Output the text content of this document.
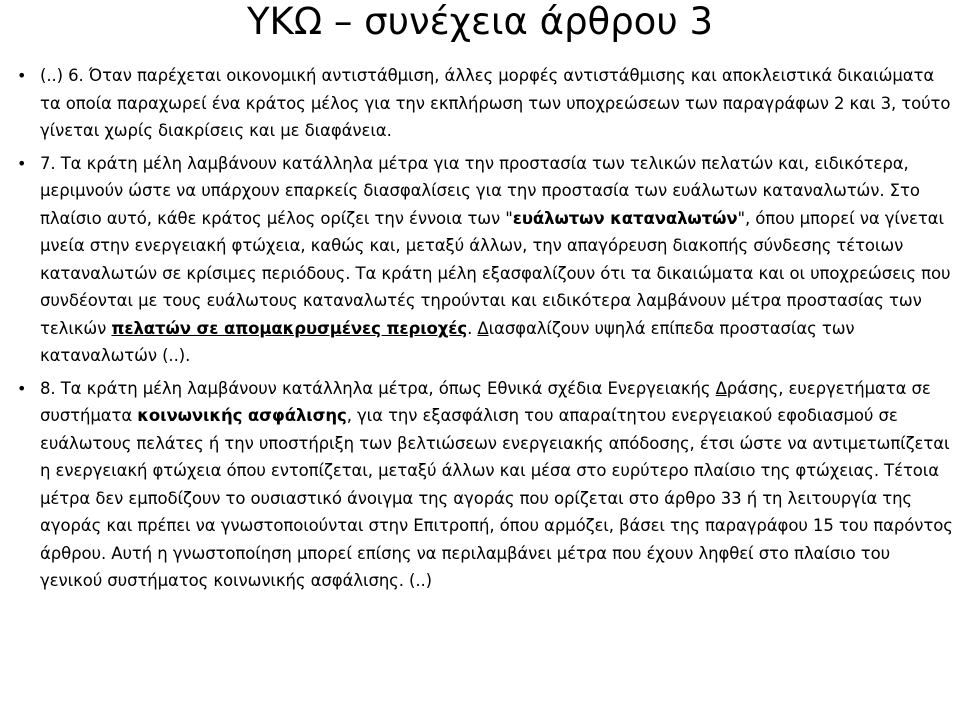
ΥΚΩ – συνέχεια άρθρου 3
• (..) 6. Όταν παρέχεται οικονομική αντιστάθμιση, άλλες μορφές αντιστάθμισης και αποκλειστικά δικαιώματα τα οποία παραχωρεί ένα κράτος μέλος για την εκπλήρωση των υποχρεώσεων των παραγράφων 2 και 3, τούτο γίνεται χωρίς διακρίσεις και με διαφάνεια.
• 7. Τα κράτη μέλη λαμβάνουν κατάλληλα μέτρα για την προστασία των τελικών πελατών και, ειδικότερα, μεριμνούν ώστε να υπάρχουν επαρκείς διασφαλίσεις για την προστασία των ευάλωτων καταναλωτών. Στο πλαίσιο αυτό, κάθε κράτος μέλος ορίζει την έννοια των "ευάλωτων καταναλωτών", όπου μπορεί να γίνεται μνεία στην ενεργειακή φτώχεια, καθώς και, μεταξύ άλλων, την απαγόρευση διακοπής σύνδεσης τέτοιων καταναλωτών σε κρίσιμες περιόδους. Τα κράτη μέλη εξασφαλίζουν ότι τα δικαιώματα και οι υποχρεώσεις που συνδέονται με τους ευάλωτους καταναλωτές τηρούνται και ειδικότερα λαμβάνουν μέτρα προστασίας των τελικών πελατών σε απομακρυσμένες περιοχές. Διασφαλίζουν υψηλά επίπεδα προστασίας των καταναλωτών (..).
• 8. Τα κράτη μέλη λαμβάνουν κατάλληλα μέτρα, όπως Εθνικά σχέδια Ενεργειακής Δράσης, ευεργετήματα σε συστήματα κοινωνικής ασφάλισης, για την εξασφάλιση του απαραίτητου ενεργειακού εφοδιασμού σε ευάλωτους πελάτες ή την υποστήριξη των βελτιώσεων ενεργειακής απόδοσης, έτσι ώστε να αντιμετωπίζεται η ενεργειακή φτώχεια όπου εντοπίζεται, μεταξύ άλλων και μέσα στο ευρύτερο πλαίσιο της φτώχειας. Τέτοια μέτρα δεν εμποδίζουν το ουσιαστικό άνοιγμα της αγοράς που ορίζεται στο άρθρο 33 ή τη λειτουργία της αγοράς και πρέπει να γνωστοποιούνται στην Επιτροπή, όπου αρμόζει, βάσει της παραγράφου 15 του παρόντος άρθρου. Αυτή η γνωστοποίηση μπορεί επίσης να περιλαμβάνει μέτρα που έχουν ληφθεί στο πλαίσιο του γενικού συστήματος κοινωνικής ασφάλισης. (..)
